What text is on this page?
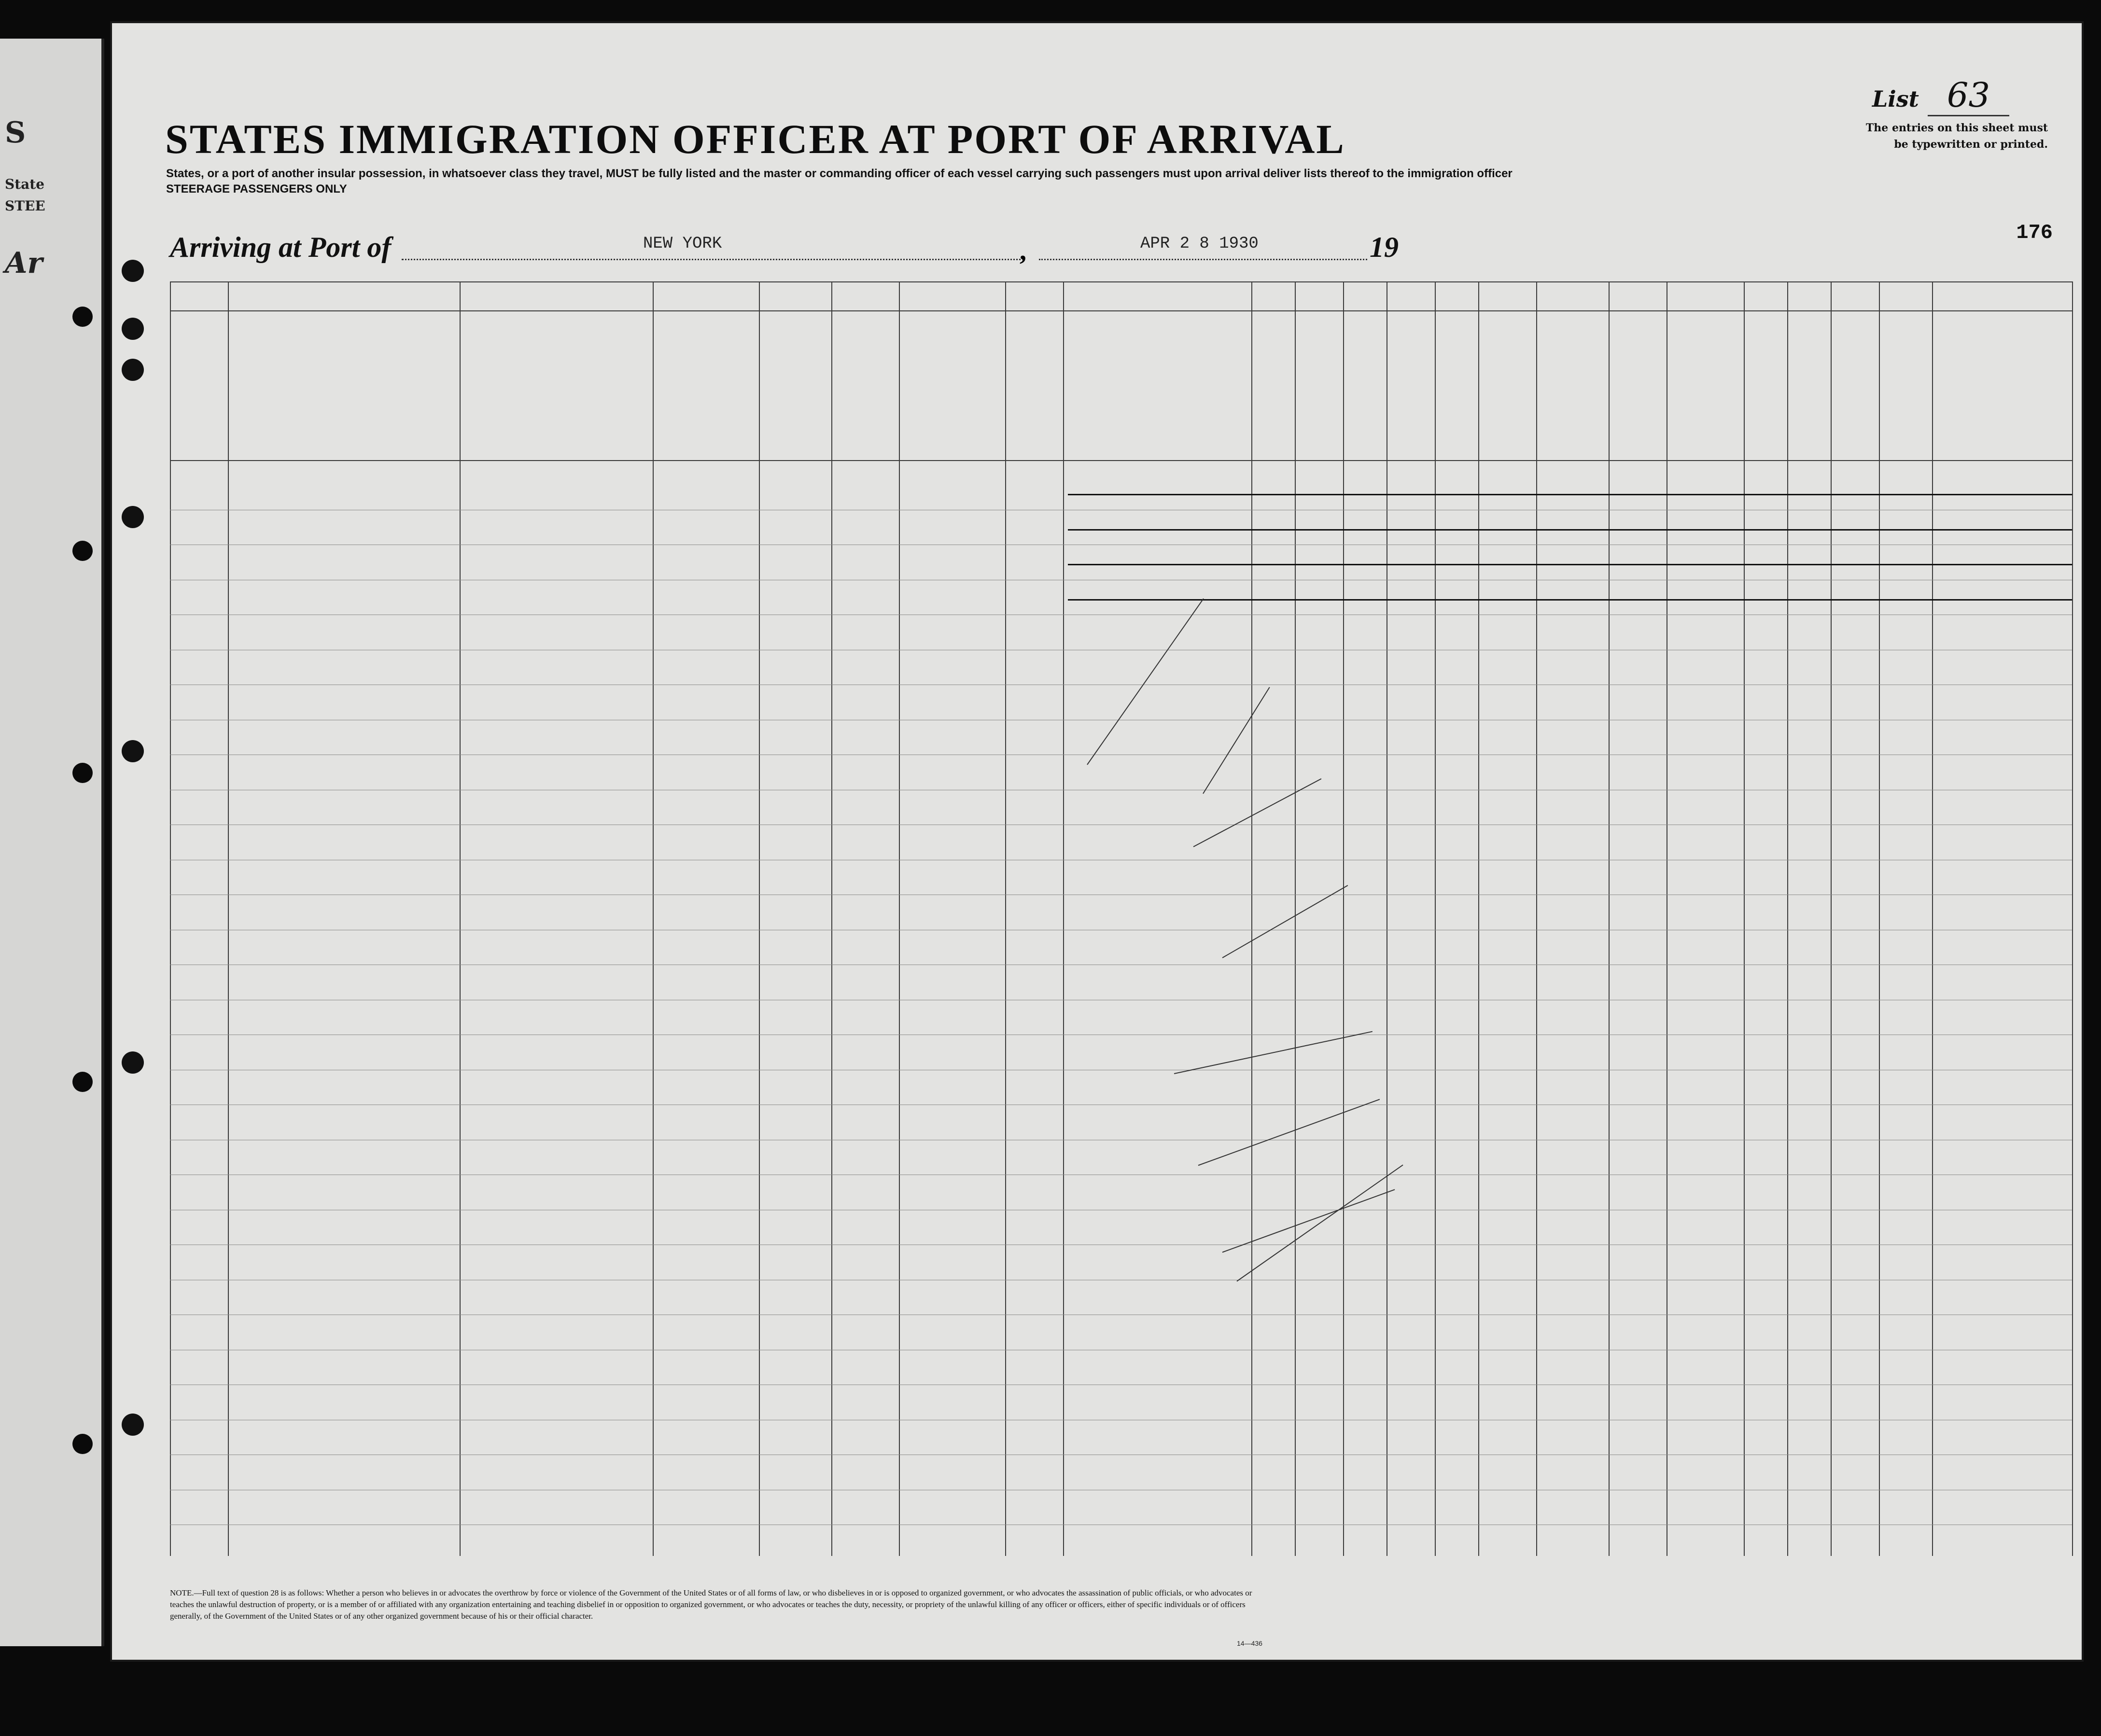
S
State
STEE
Ar
List 63
The entries on this sheet must be typewritten or printed.
176
STATES IMMIGRATION OFFICER AT PORT OF ARRIVAL
States, or a port of another insular possession, in whatsoever class they travel, MUST be fully listed and the master or commanding officer of each vessel carrying such passengers must upon arrival deliver lists thereof to the immigration officer
STEERAGE PASSENGERS ONLY
Arriving at Port of	NEW YORK	,	APR 2 8 1930	19
NOTE.—Full text of question 28 is as follows: Whether a person who believes in or advocates the overthrow by force or violence of the Government of the United States or of all forms of law, or who disbelieves in or is opposed to organized government, or who advocates the assassination of public officials, or who advocates or teaches the unlawful destruction of property, or is a member of or affiliated with any organization entertaining and teaching disbelief in or opposition to organized government, or who advocates or teaches the duty, necessity, or propriety of the unlawful killing of any officer or officers, either of specific individuals or of officers generally, of the Government of the United States or of any other organized government because of his or their official character.
14—436
